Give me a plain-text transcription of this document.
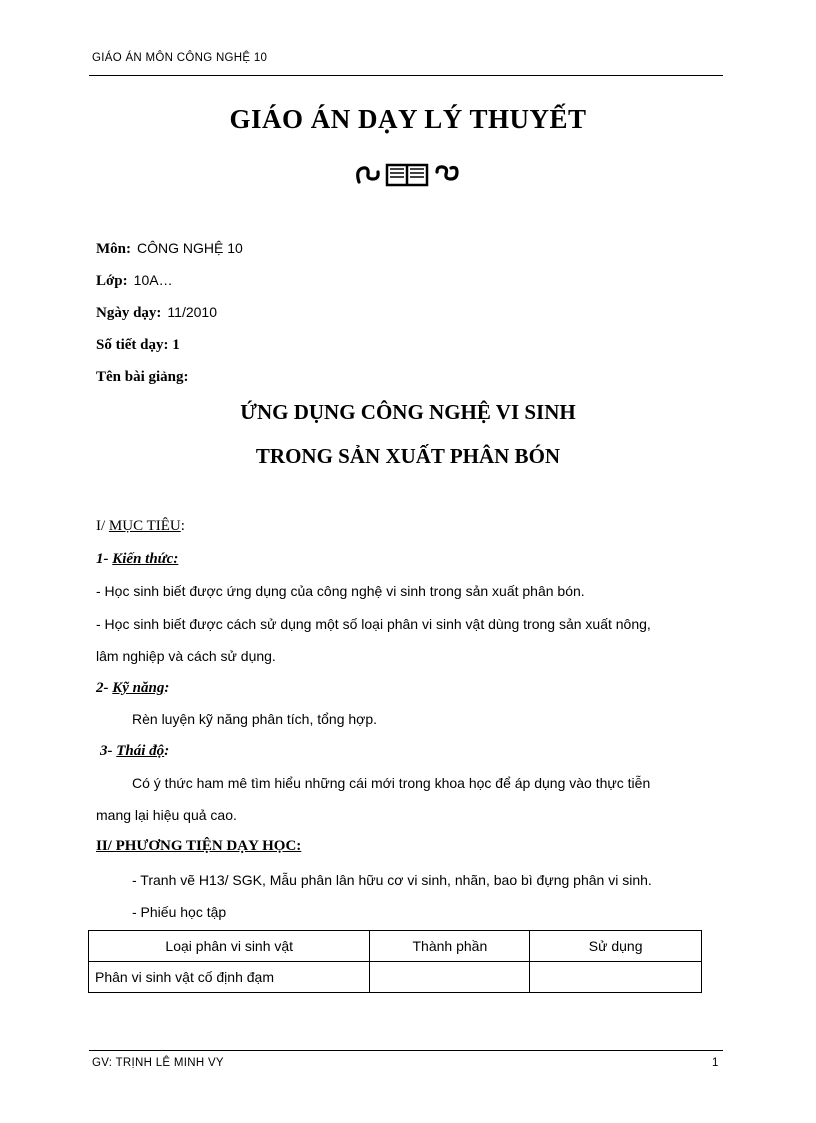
GIÁO ÁN MÔN CÔNG NGHỆ 10
GIÁO ÁN DẠY LÝ THUYẾT
Môn: CÔNG NGHỆ 10
Lớp: 10A…
Ngày dạy: 11/2010
Số tiết dạy: 1
Tên bài giảng:
ỨNG DỤNG CÔNG NGHỆ VI SINH
TRONG SẢN XUẤT PHÂN BÓN
I/ MỤC TIÊU:
1- Kiến thức:
- Học sinh biết được ứng dụng của công nghệ vi sinh trong sản xuất phân bón.
- Học sinh biết được cách sử dụng một số loại phân vi sinh vật dùng trong sản xuất nông,
lâm nghiệp và cách sử dụng.
2- Kỹ năng:
Rèn luyện kỹ năng phân tích, tổng hợp.
3- Thái độ:
Có ý thức ham mê tìm hiểu những cái mới trong khoa học để áp dụng vào thực tiễn
mang lại hiệu quả cao.
II/ PHƯƠNG TIỆN DẠY HỌC:
- Tranh vẽ H13/ SGK, Mẫu phân lân hữu cơ vi sinh, nhãn, bao bì đựng phân vi sinh.
- Phiếu học tập
Loại phân vi sinh vật	Thành phần	Sử dụng
Phân vi sinh vật cố định đạm		
GV: TRỊNH LÊ MINH VY	1
